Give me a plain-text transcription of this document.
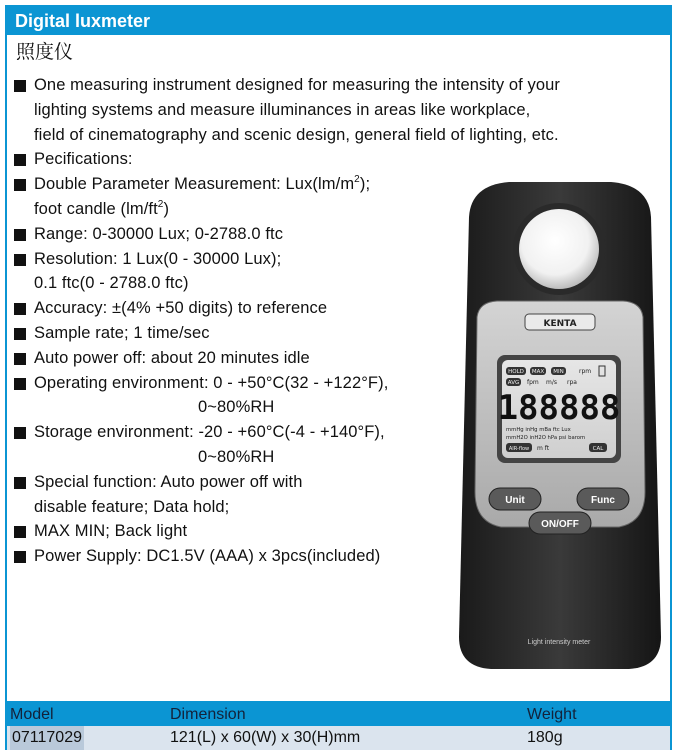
Digital luxmeter
照度仪
One measuring instrument designed for measuring the intensity of your
lighting systems and measure illuminances in areas like workplace,
field of cinematography and scenic design, general field of lighting, etc.
Pecifications:
Double Parameter Measurement: $Lux(lm/m^2)$;
foot candle $(lm/ft^2)$
Range: 0-30000 Lux; 0-2788.0 ftc
Resolution: 1 Lux(0 - 30000 Lux);
0.1 ftc(0 - 2788.0 ftc)
Accuracy: ±(4% +50 digits) to reference
Sample rate; 1 time/sec
Auto power off: about 20 minutes idle
Operating environment: 0 - +50°C(32 - +122°F),
0~80%RH
Storage environment: -20 - +60°C(-4 - +140°F),
0~80%RH
Special function: Auto power off with
disable feature; Data hold;
MAX MIN; Back light
Power Supply: DC1.5V (AAA) x 3pcs(included)
KENTA
HOLD MAX MIN	rpm
AVG fpm m/s rpa
188888
mmHg inHg mBa ftc Lux
mmH2O inH2O hPa psi barom
AIR-flow m ft	CAL
Unit	Func
ON/OFF
Light intensity meter
Model	Dimension	Weight
07117029	121(L) x 60(W) x 30(H)mm	180g
